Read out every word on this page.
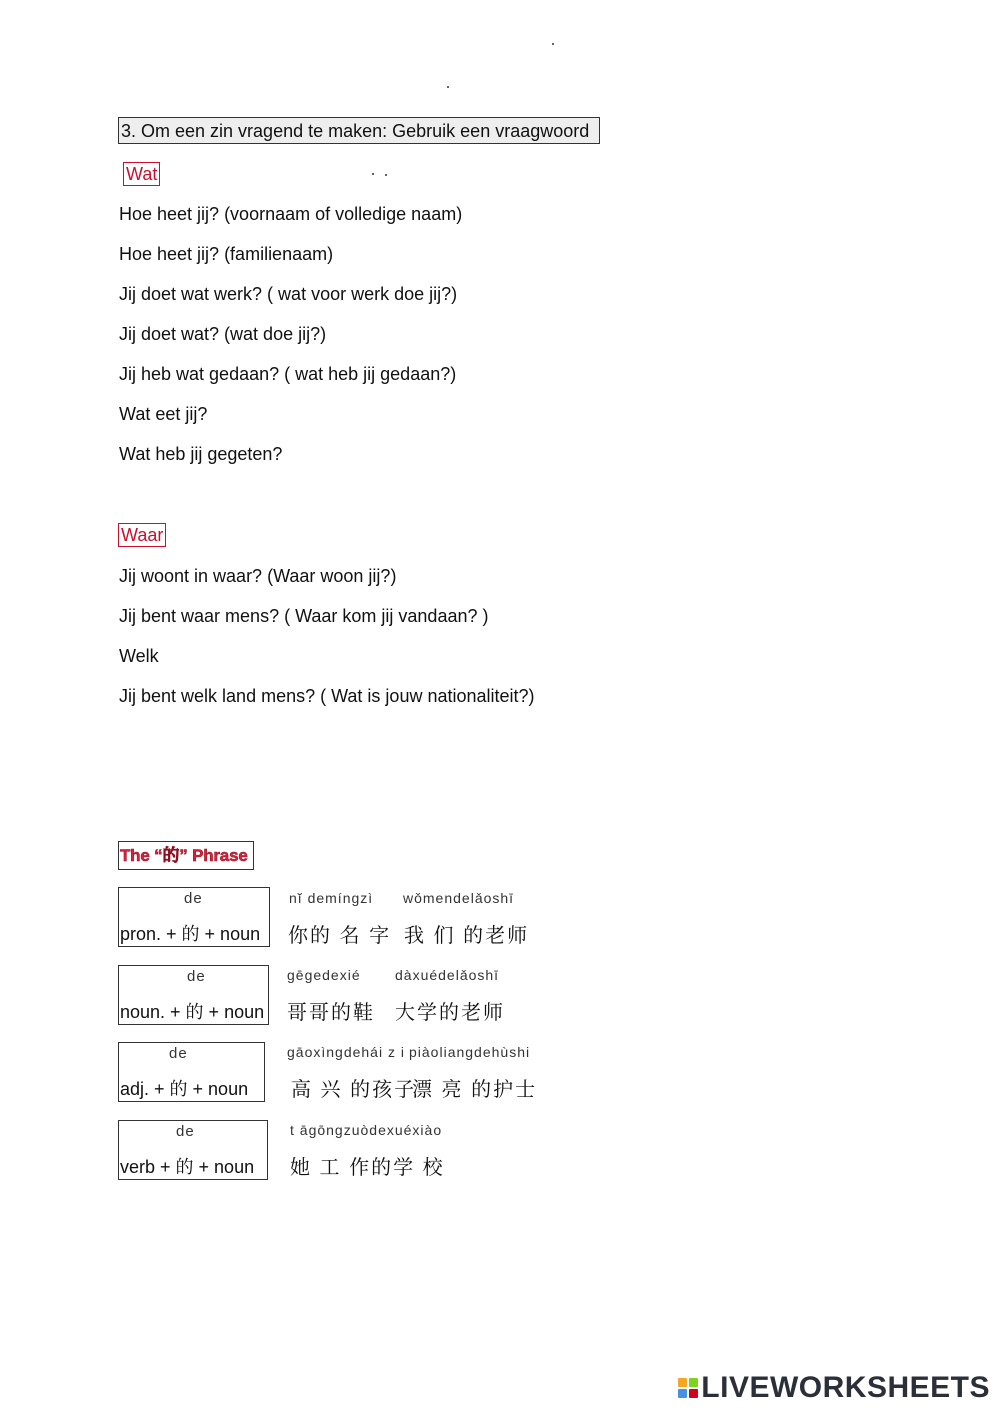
3. Om een zin vragend te maken: Gebruik een vraagwoord
Wat
Hoe heet jij? (voornaam of volledige naam)
Hoe heet jij? (familienaam)
Jij doet wat werk? ( wat voor werk doe jij?)
Jij doet wat? (wat doe jij?)
Jij heb wat gedaan? ( wat heb jij gedaan?)
Wat eet jij?
Wat heb jij gegeten?
Waar
Jij woont in waar? (Waar woon jij?)
Jij bent waar mens? ( Waar kom jij vandaan? )
Welk
Jij bent welk land mens? ( Wat is jouw nationaliteit?)
The “的” Phrase
de
pron. + 的 + noun
nĭ demíngzì wǒmendelǎoshī
你的 名 字 我 们 的老师
de
noun. + 的 + noun
gēgedexié dàxuédelǎoshī
哥哥的鞋 大学的老师
de
adj. + 的 + noun
gāoxìngdehái z i piàoliangdehùshi
高 兴 的孩子
漂 亮 的护士
de
verb + 的 + noun
t āgōngzuòdexuéxiào
她 工 作的学 校
LIVEWORKSHEETS
